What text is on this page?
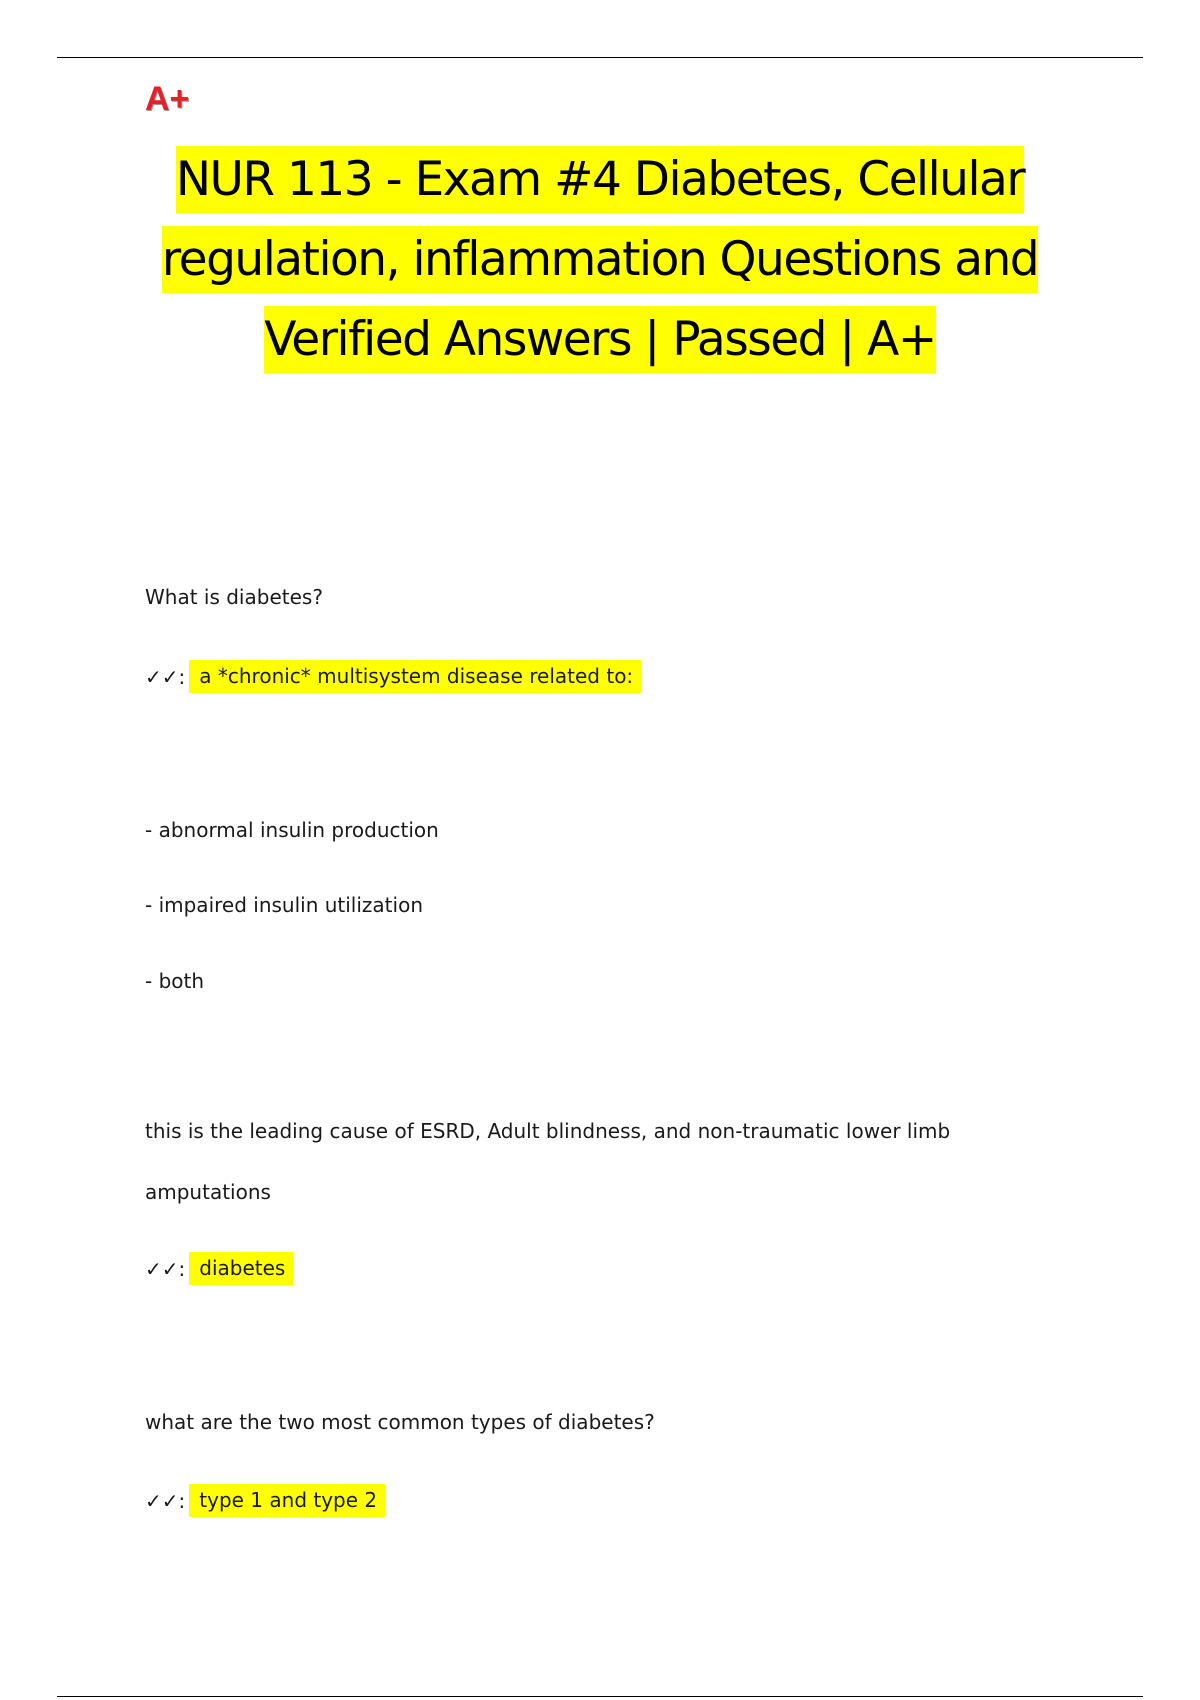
A+
NUR 113 - Exam #4 Diabetes, Cellular
regulation, inflammation Questions and
Verified Answers | Passed | A+
What is diabetes?
✓✓: a *chronic* multisystem disease related to:
- abnormal insulin production
- impaired insulin utilization
- both
this is the leading cause of ESRD, Adult blindness, and non-traumatic lower limb
amputations
✓✓: diabetes
what are the two most common types of diabetes?
✓✓: type 1 and type 2
